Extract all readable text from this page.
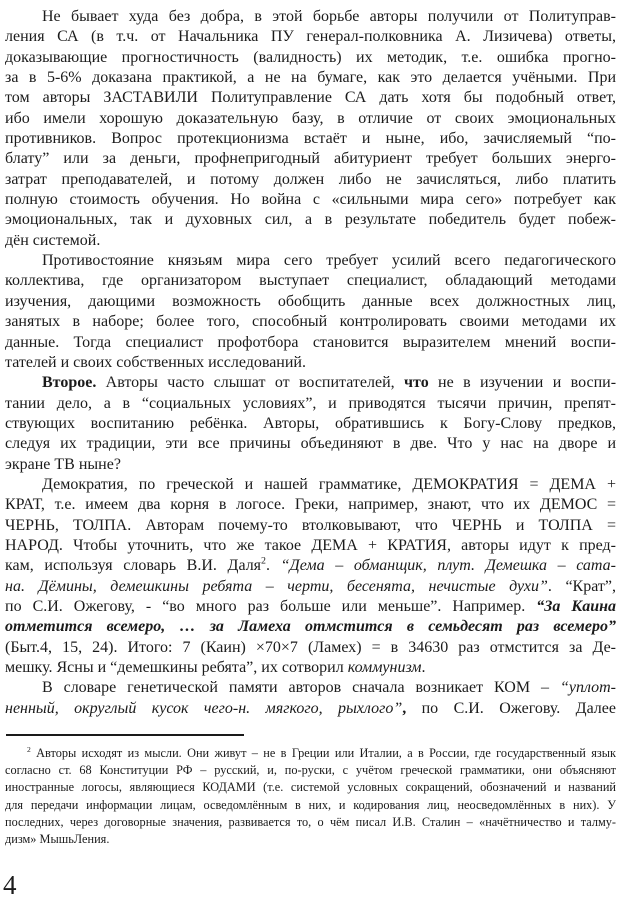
Не бывает худа без добра, в этой борьбе авторы получили от Политуправ-
ления СА (в т.ч. от Начальника ПУ генерал-полковника А. Лизичева) ответы,
доказывающие прогностичность (валидность) их методик, т.е. ошибка прогно-
за в 5-6% доказана практикой, а не на бумаге, как это делается учёными. При
том авторы ЗАСТАВИЛИ Политуправление СА дать хотя бы подобный ответ,
ибо имели хорошую доказательную базу, в отличие от своих эмоциональных
противников. Вопрос протекционизма встаёт и ныне, ибо, зачисляемый “по-
блату” или за деньги, профнепригодный абитуриент требует больших энерго-
затрат преподавателей, и потому должен либо не зачисляться, либо платить
полную стоимость обучения. Но война с «сильными мира сего» потребует как
эмоциональных, так и духовных сил, а в результате победитель будет побеж-
дён системой.
Противостояние князьям мира сего требует усилий всего педагогического
коллектива, где организатором выступает специалист, обладающий методами
изучения, дающими возможность обобщить данные всех должностных лиц,
занятых в наборе; более того, способный контролировать своими методами их
данные. Тогда специалист профотбора становится выразителем мнений воспи-
тателей и своих собственных исследований.
Второе. Авторы часто слышат от воспитателей, что не в изучении и воспи-
тании дело, а в “социальных условиях”, и приводятся тысячи причин, препят-
ствующих воспитанию ребёнка. Авторы, обратившись к Богу-Слову предков,
следуя их традиции, эти все причины объединяют в две. Что у нас на дворе и
экране ТВ ныне?
Демократия, по греческой и нашей грамматике, ДЕМОКРАТИЯ = ДЕМА +
КРАТ, т.е. имеем два корня в логосе. Греки, например, знают, что их ДЕМОС =
ЧЕРНЬ, ТОЛПА. Авторам почему-то втолковывают, что ЧЕРНЬ и ТОЛПА =
НАРОД. Чтобы уточнить, что же такое ДЕМА + КРАТИЯ, авторы идут к пред-
кам, используя словарь В.И. Даля$^2$. “Дема – обманщик, плут. Демешка – сата-
на. Дёмины, демешкины ребята – черти, бесенята, нечистые духи”. “Крат”,
по С.И. Ожегову, - “во много раз больше или меньше”. Например. “За Каина
отметится всемеро, … за Ламеха отмстится в семьдесят раз всемеро”
(Быт.4, 15, 24). Итого: 7 (Каин) ×70×7 (Ламех) = в 34630 раз отмстится за Де-
мешку. Ясны и “демешкины ребята”, их сотворил коммунизм.
В словаре генетической памяти авторов сначала возникает КОМ – “уплот-
ненный, округлый кусок чего-н. мягкого, рыхлого”, по С.И. Ожегову. Далее
$^2$ Авторы исходят из мысли. Они живут – не в Греции или Италии, а в России, где государственный язык
согласно ст. 68 Конституции РФ – русский, и, по-руски, с учётом греческой грамматики, они объясняют
иностранные логосы, являющиеся КОДАМИ (т.е. системой условных сокращений, обозначений и названий
для передачи информации лицам, осведомлённым в них, и кодирования лиц, неосведомлённых в них). У
последних, через договорные значения, развивается то, о чём писал И.В. Сталин – «начётничество и талму-
дизм» МышьЛения.
4
